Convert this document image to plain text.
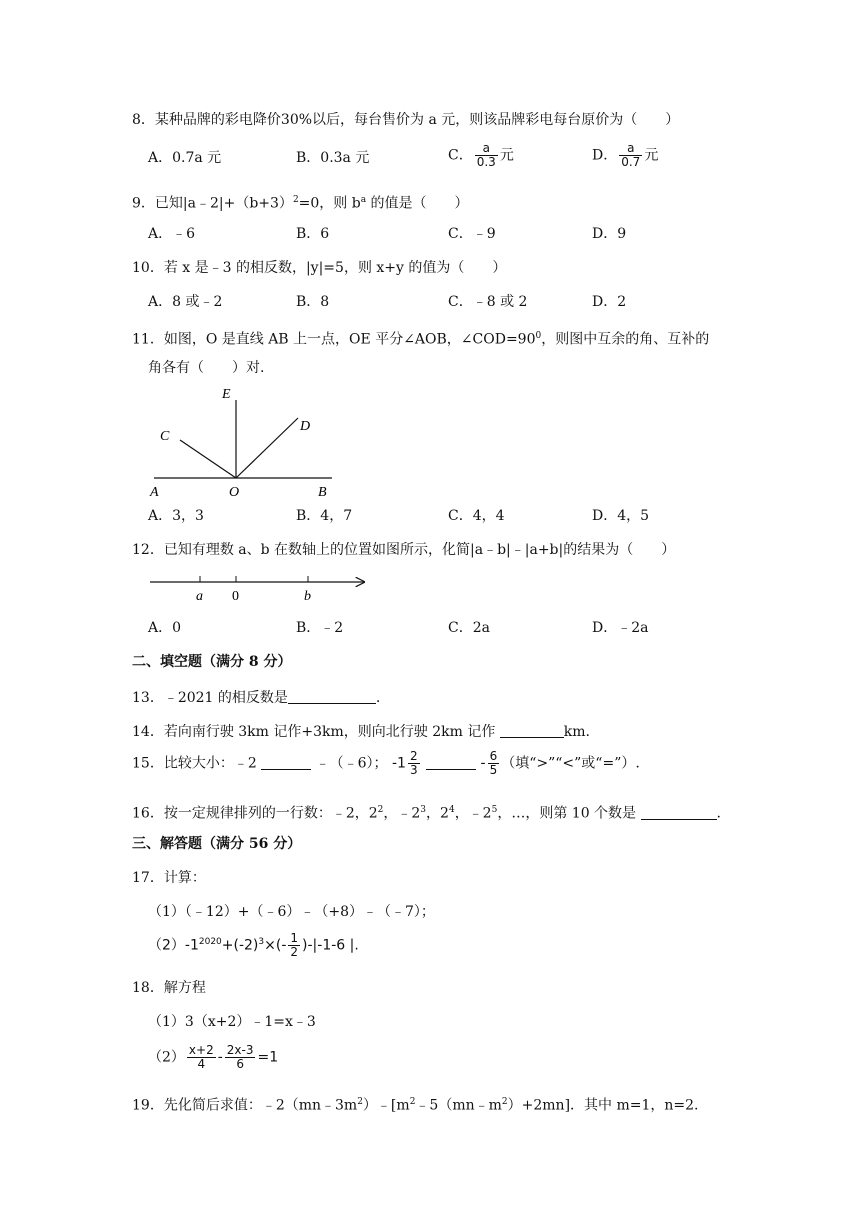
8．某种品牌的彩电降价30%以后，每台售价为 a 元，则该品牌彩电每台原价为（　　）
A．0.7a 元	B．0.3a 元	C． $\frac{a}{0.3}$ 元	D． $\frac{a}{0.7}$ 元
9．已知$|a﹣2|+(b+3)^2=0$，则 $b^a$ 的值是（　　）
A．﹣6	B．6	C．﹣9	D．9
10．若 x 是﹣3 的相反数，|y|=5，则 x+y 的值为（　　）
A．8 或﹣2	B．8	C．﹣8 或 2	D．2
11．如图，O 是直线 AB 上一点，OE 平分∠AOB，$\angle COD=90^0$，则图中互余的角、互补的
角各有（　　）对.
E
C
D
A	O	B
A．3，3	B．4，7	C．4，4	D．4，5
12．已知有理数 a、b 在数轴上的位置如图所示，化简|a﹣b|﹣|a+b|的结果为（　　）
a 0	b
A．0	B．﹣2	C．2a	D．﹣2a
二、填空题（满分 8 分）
13．﹣2021 的相反数是	.
14．若向南行驶 3km 记作+3km，则向北行驶 2km 记作	km.
15．比较大小：﹣2	﹣（﹣6）； $-1 \frac{2}{3}$	- $\frac{6}{5}$ （填“>”“<”或“=”）.
16．按一定规律排列的一行数：﹣2，$2^2$，$﹣2^3$，$2^4$，$﹣2^5$，…，则第 10 个数是	.
三、解答题（满分 56 分）
17．计算：
（1）（﹣12）+（﹣6）﹣（+8）﹣（﹣7）；
$(2)-1^{2020}+(-2)^3\times(- \frac{1}{2} )-|-1-6$ |.
18．解方程
（1）3（x+2）﹣1=x﹣3
$(2) \frac{x+2}{4} - \frac{2x-3}{6} =1$
19．先化简后求值：$﹣2(mn﹣3m^2)﹣[m^2﹣5(mn﹣m^2)+2mn]$．其中 m=1，n=2.
